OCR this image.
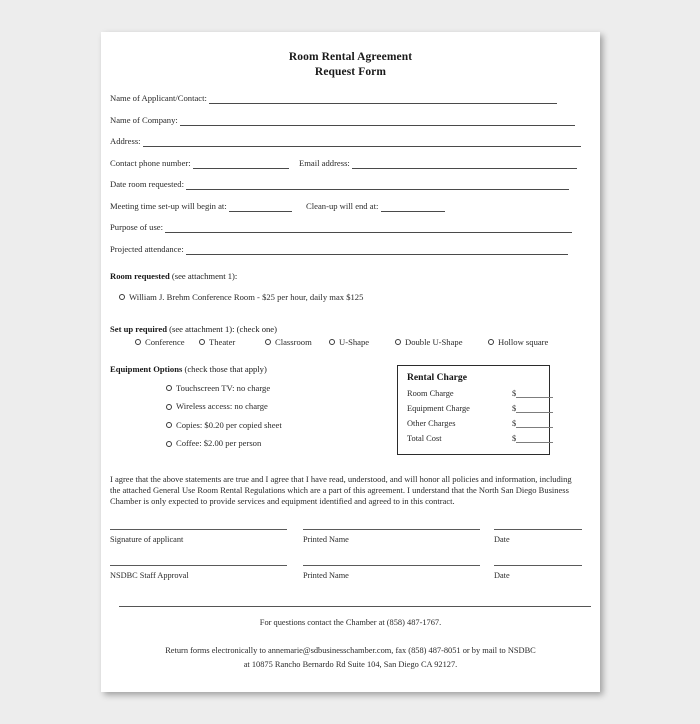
Room Rental Agreement
Request Form
Name of Applicant/Contact:
Name of Company:
Address:
Contact phone number:	Email address:
Date room requested:
Meeting time set-up will begin at:	Clean-up will end at:
Purpose of use:
Projected attendance:
Room requested (see attachment 1):
William J. Brehm Conference Room - $25 per hour, daily max $125
Set up required (see attachment 1): (check one)
Conference	Theater	Classroom	U-Shape	Double U-Shape	Hollow square
Equipment Options (check those that apply)
Touchscreen TV: no charge
Wireless access: no charge
Copies: $0.20 per copied sheet
Coffee: $2.00 per person
Rental Charge
Room Charge	$
Equipment Charge	$
Other Charges	$
Total Cost	$
I agree that the above statements are true and I agree that I have read, understood, and will honor all policies and information, including the attached General Use Room Rental Regulations which are a part of this agreement. I understand that the North San Diego Business Chamber is only expected to provide services and equipment identified and agreed to in this contract.
Signature of applicant	Printed Name	Date
NSDBC Staff Approval	Printed Name	Date
For questions contact the Chamber at (858) 487-1767.
Return forms electronically to annemarie@sdbusinesschamber.com, fax (858) 487-8051 or by mail to NSDBC
at 10875 Rancho Bernardo Rd Suite 104, San Diego CA 92127.
